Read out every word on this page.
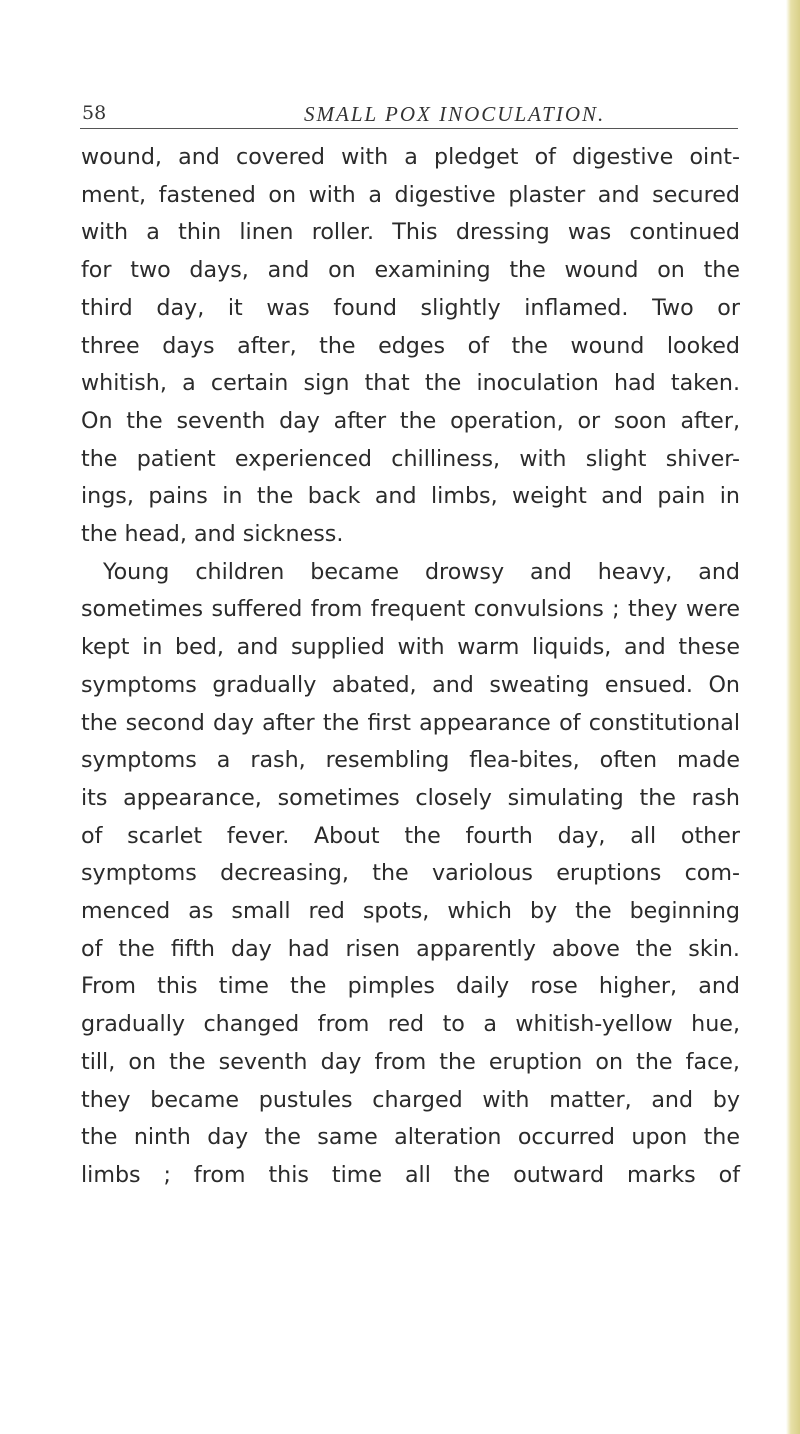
58	SMALL POX INOCULATION.
wound, and covered with a pledget of digestive oint-
ment, fastened on with a digestive plaster and secured
with a thin linen roller. This dressing was continued
for two days, and on examining the wound on the
third day, it was found slightly inflamed. Two or
three days after, the edges of the wound looked
whitish, a certain sign that the inoculation had taken.
On the seventh day after the operation, or soon after,
the patient experienced chilliness, with slight shiver-
ings, pains in the back and limbs, weight and pain in
the head, and sickness.
Young children became drowsy and heavy, and
sometimes suffered from frequent convulsions ; they were
kept in bed, and supplied with warm liquids, and these
symptoms gradually abated, and sweating ensued. On
the second day after the first appearance of constitutional
symptoms a rash, resembling flea-bites, often made
its appearance, sometimes closely simulating the rash
of scarlet fever. About the fourth day, all other
symptoms decreasing, the variolous eruptions com-
menced as small red spots, which by the beginning
of the fifth day had risen apparently above the skin.
From this time the pimples daily rose higher, and
gradually changed from red to a whitish-yellow hue,
till, on the seventh day from the eruption on the face,
they became pustules charged with matter, and by
the ninth day the same alteration occurred upon the
limbs ; from this time all the outward marks of
